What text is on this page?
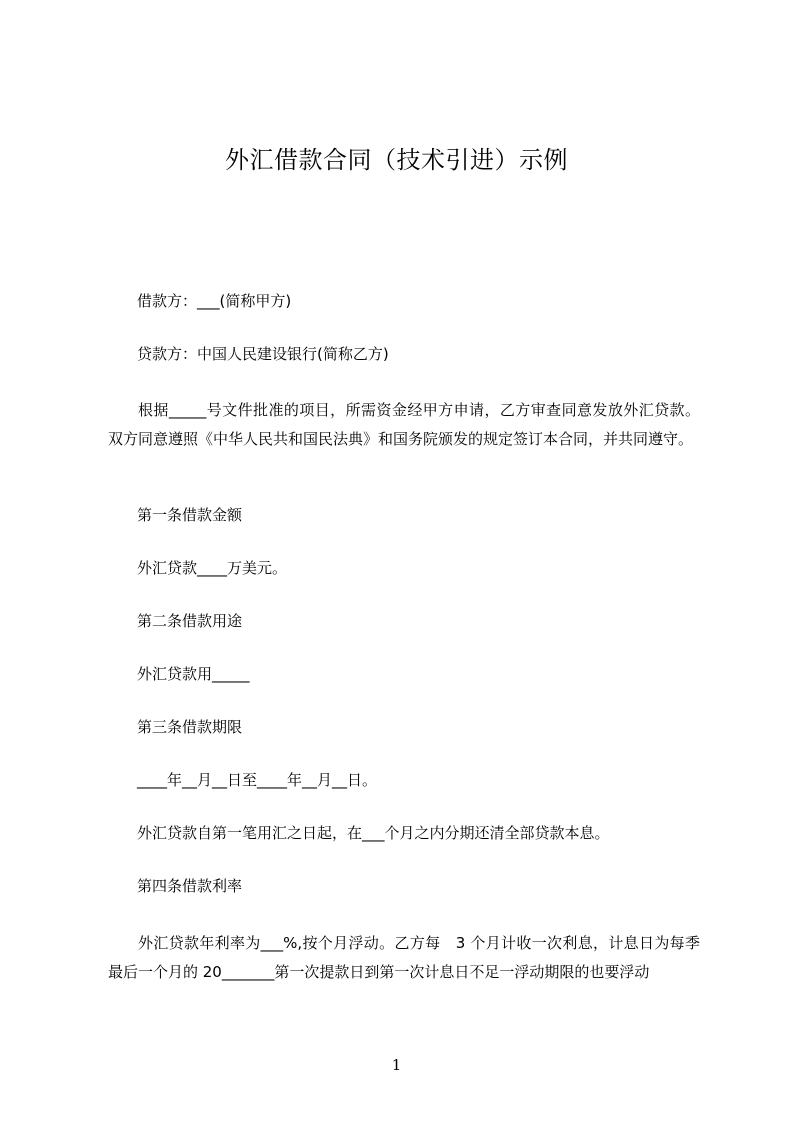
外汇借款合同（技术引进）示例
借款方：___(简称甲方)
贷款方：中国人民建设银行(简称乙方)
根据_____号文件批准的项目，所需资金经甲方申请，乙方审查同意发放外汇贷款。双方同意遵照《中华人民共和国民法典》和国务院颁发的规定签订本合同，并共同遵守。
第一条借款金额
外汇贷款____万美元。
第二条借款用途
外汇贷款用_____
第三条借款期限
____年__月__日至____年__月__日。
外汇贷款自第一笔用汇之日起，在___个月之内分期还清全部贷款本息。
第四条借款利率
外汇贷款年利率为___%,按个月浮动。乙方每　3 个月计收一次利息，计息日为每季最后一个月的 20_______第一次提款日到第一次计息日不足一浮动期限的也要浮动
1
